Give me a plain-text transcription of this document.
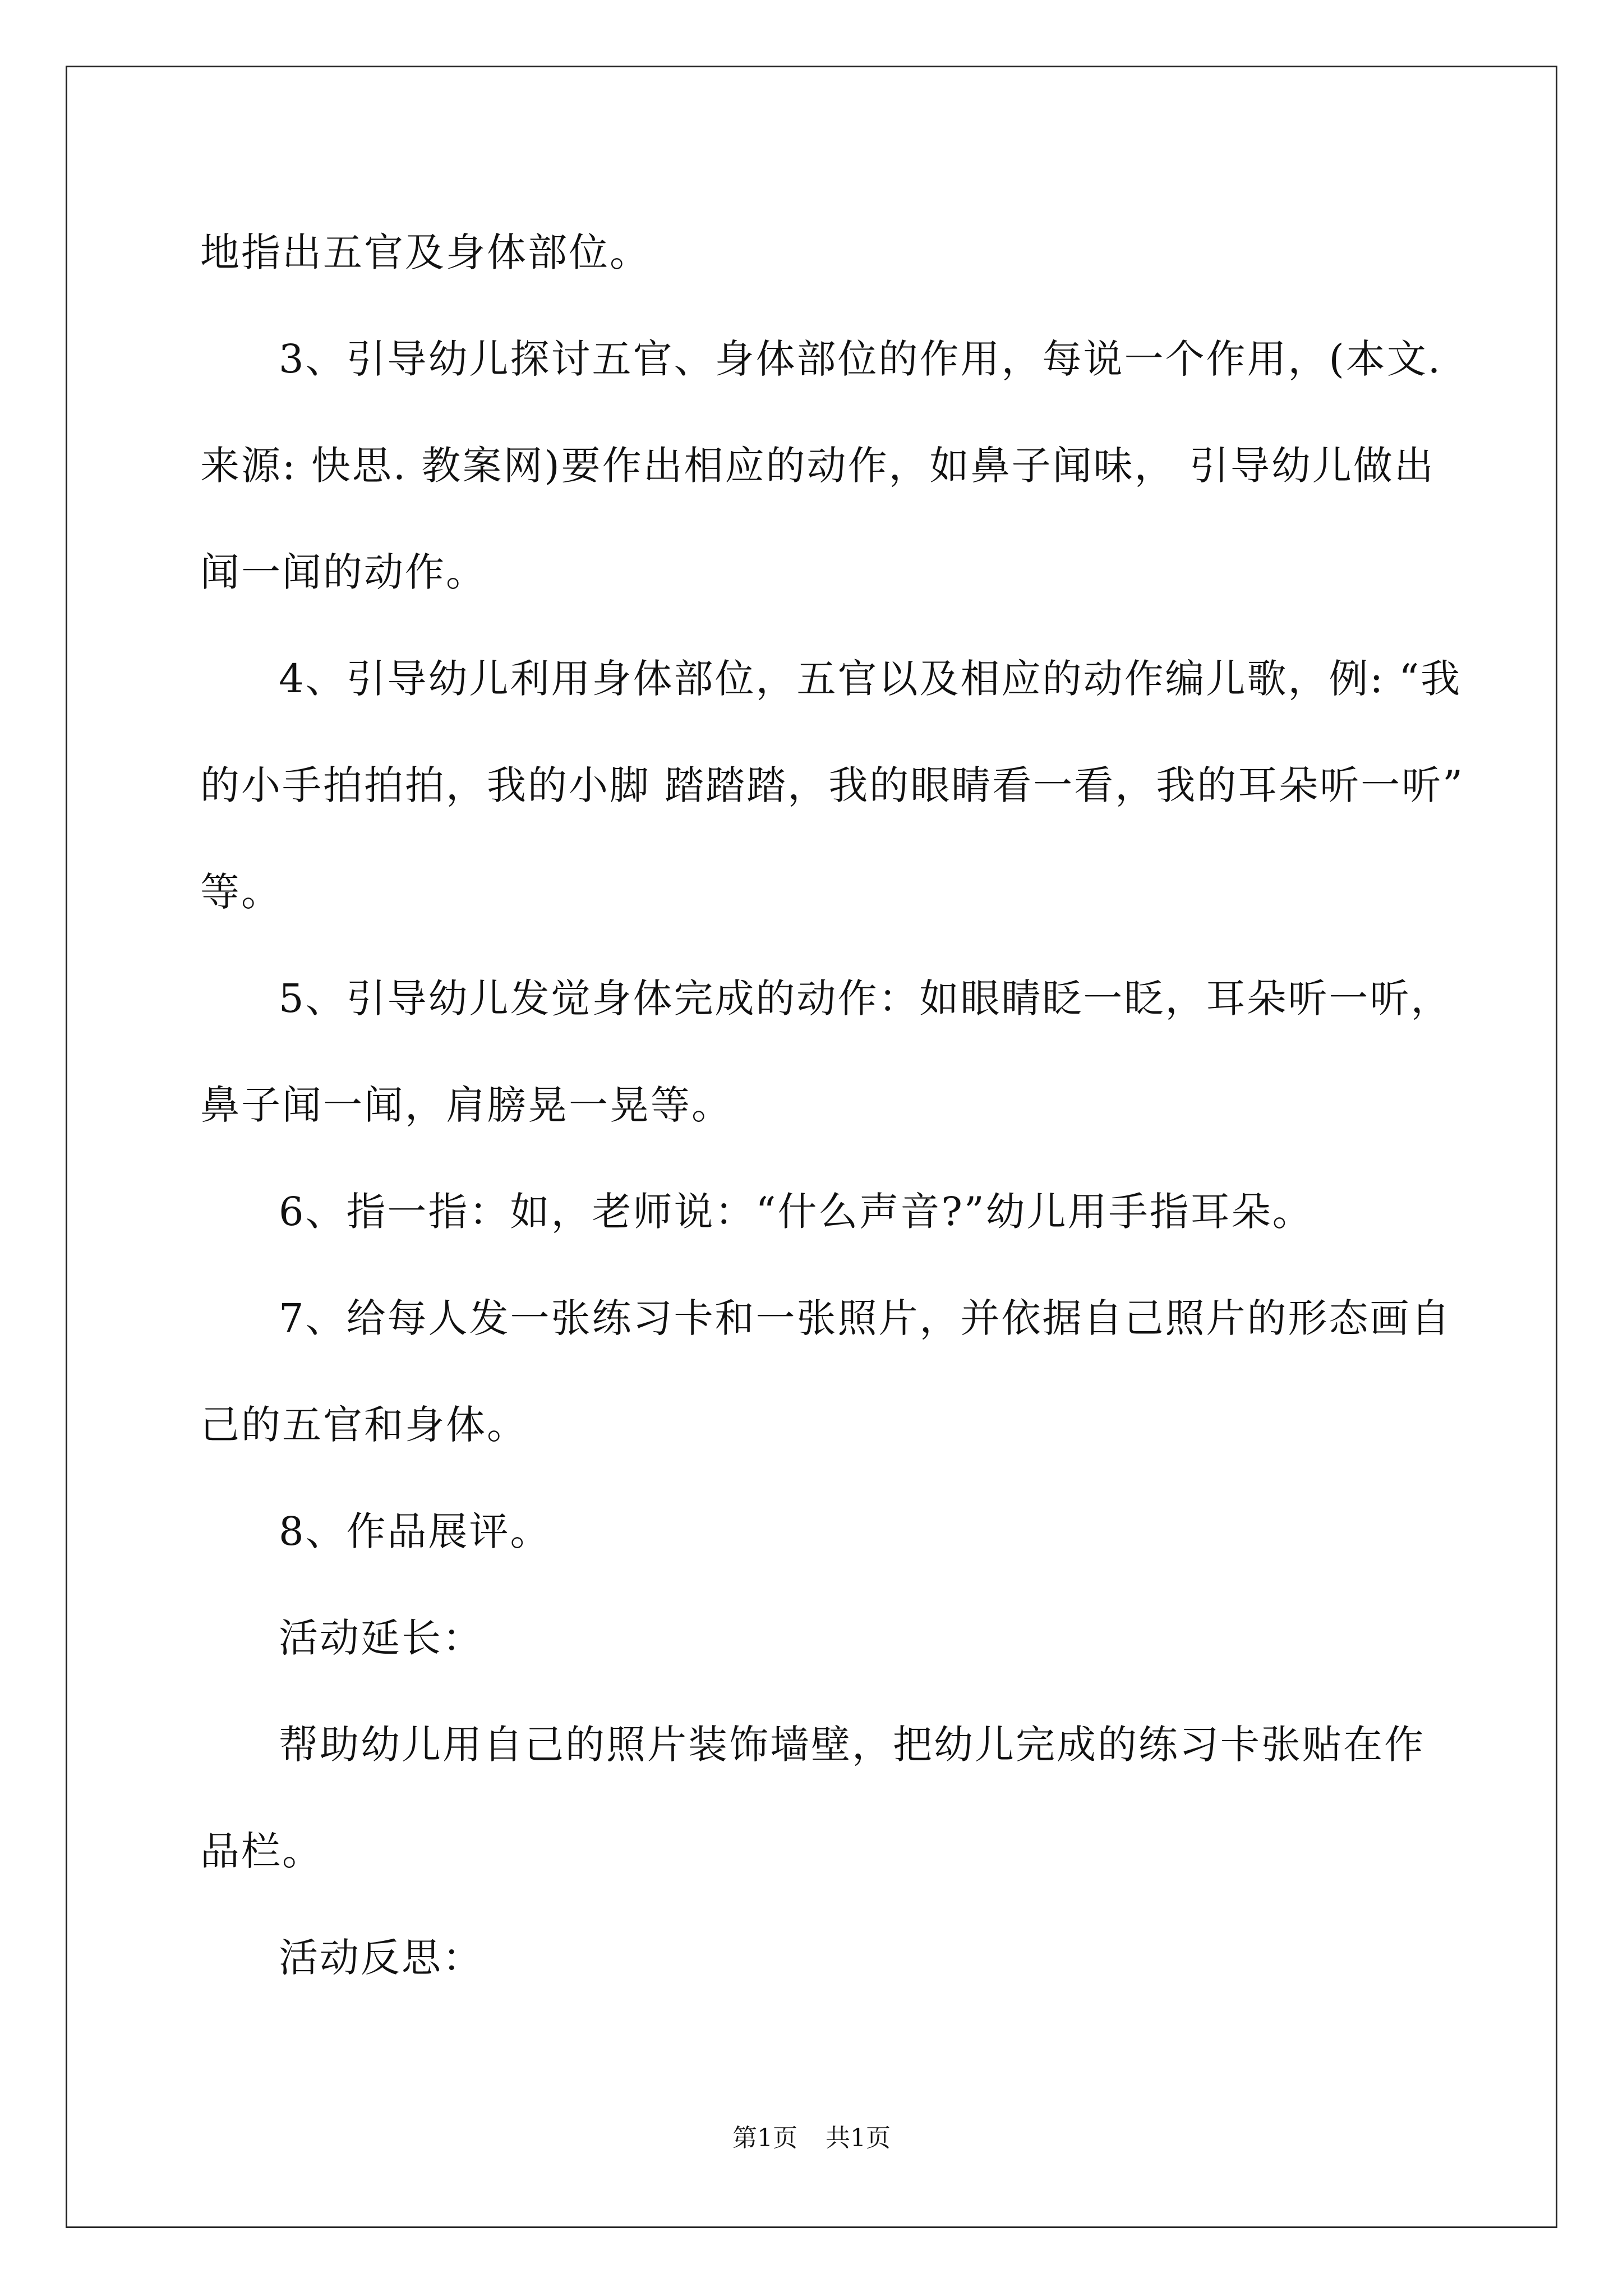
地指出五官及身体部位。
3、引导幼儿探讨五官、身体部位的作用，每说一个作用，(本文.
来源: 快思. 教案网)要作出相应的动作，如鼻子闻味， 引导幼儿做出
闻一闻的动作。
4、引导幼儿利用身体部位，五官以及相应的动作编儿歌，例: “我
的小手拍拍拍，我的小脚 踏踏踏，我的眼睛看一看，我的耳朵听一听”
等。
5、引导幼儿发觉身体完成的动作：如眼睛眨一眨，耳朵听一听，
鼻子闻一闻，肩膀晃一晃等。
6、指一指：如，老师说：“什么声音?”幼儿用手指耳朵。
7、给每人发一张练习卡和一张照片，并依据自己照片的形态画自
己的五官和身体。
8、作品展评。
活动延长：
帮助幼儿用自己的照片装饰墙壁，把幼儿完成的练习卡张贴在作
品栏。
活动反思：
第1页 共1页
